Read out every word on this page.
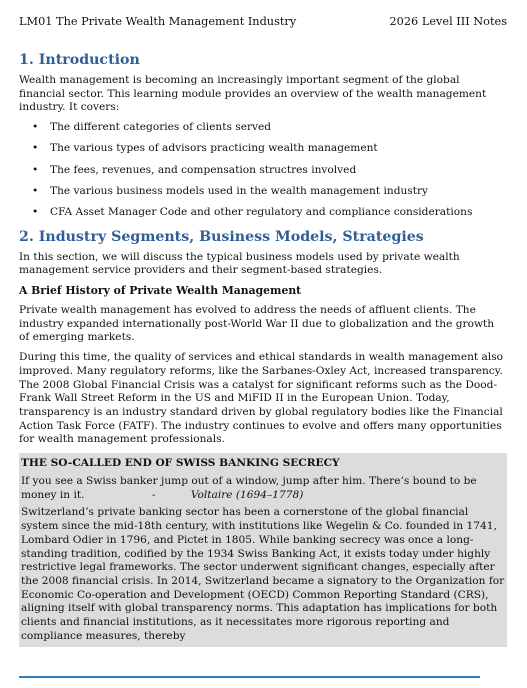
LM01 The Private Wealth Management Industry	2026 Level III Notes
1. Introduction

Wealth management is becoming an increasingly important segment of the global financial sector. This learning module provides an overview of the wealth management industry. It covers:

•	The different categories of clients served
•	The various types of advisors practicing wealth management
•	The fees, revenues, and compensation structres involved
•	The various business models used in the wealth management industry
•	CFA Asset Manager Code and other regulatory and compliance considerations
2. Industry Segments, Business Models, Strategies

In this section, we will discuss the typical business models used by private wealth management service providers and their segment-based strategies.

A Brief History of Private Wealth Management

Private wealth management has evolved to address the needs of affluent clients. The industry expanded internationally post-World War II due to globalization and the growth of emerging markets.

During this time, the quality of services and ethical standards in wealth management also improved. Many regulatory reforms, like the Sarbanes-Oxley Act, increased transparency. The 2008 Global Financial Crisis was a catalyst for significant reforms such as the Dood-Frank Wall Street Reform in the US and MiFID II in the European Union. Today, transparency is an industry standard driven by global regulatory bodies like the Financial Action Task Force (FATF). The industry continues to evolve and offers many opportunities for wealth management professionals.

THE SO-CALLED END OF SWISS BANKING SECRECY
If you see a Swiss banker jump out of a window, jump after him. There’s bound to be money in it.	-	Voltaire (1694–1778)

Switzerland’s private banking sector has been a cornerstone of the global financial system since the mid-18th century, with institutions like Wegelin & Co. founded in 1741, Lombard Odier in 1796, and Pictet in 1805. While banking secrecy was once a long-standing tradition, codified by the 1934 Swiss Banking Act, it exists today under highly restrictive legal frameworks. The sector underwent significant changes, especially after the 2008 financial crisis. In 2014, Switzerland became a signatory to the Organization for Economic Co-operation and Development (OECD) Common Reporting Standard (CRS), aligning itself with global transparency norms. This adaptation has implications for both clients and financial institutions, as it necessitates more rigorous reporting and compliance measures, thereby
